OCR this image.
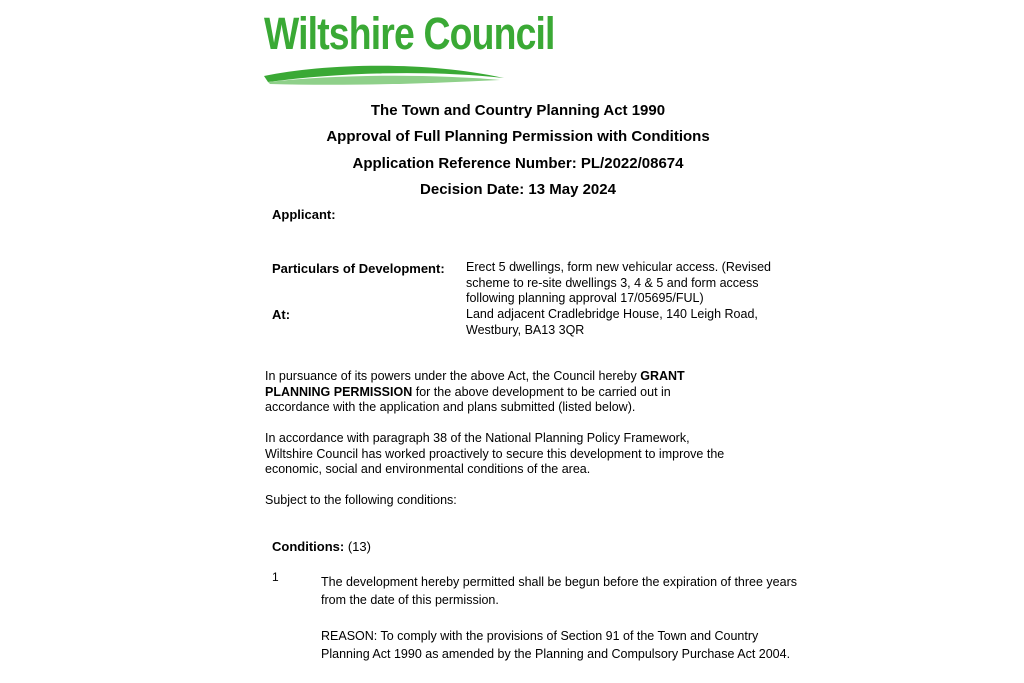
Wiltshire Council
The Town and Country Planning Act 1990
Approval of Full Planning Permission with Conditions
Application Reference Number: PL/2022/08674
Decision Date: 13 May 2024
Applicant:
Particulars of Development: Erect 5 dwellings, form new vehicular access. (Revised
scheme to re-site dwellings 3, 4 & 5 and form access
following planning approval 17/05695/FUL)
At:	Land adjacent Cradlebridge House, 140 Leigh Road,
Westbury, BA13 3QR
In pursuance of its powers under the above Act, the Council hereby GRANT
PLANNING PERMISSION for the above development to be carried out in
accordance with the application and plans submitted (listed below).
In accordance with paragraph 38 of the National Planning Policy Framework,
Wiltshire Council has worked proactively to secure this development to improve the
economic, social and environmental conditions of the area.
Subject to the following conditions:
Conditions: (13)
1	The development hereby permitted shall be begun before the expiration of three years
from the date of this permission.
REASON: To comply with the provisions of Section 91 of the Town and Country
Planning Act 1990 as amended by the Planning and Compulsory Purchase Act 2004.
